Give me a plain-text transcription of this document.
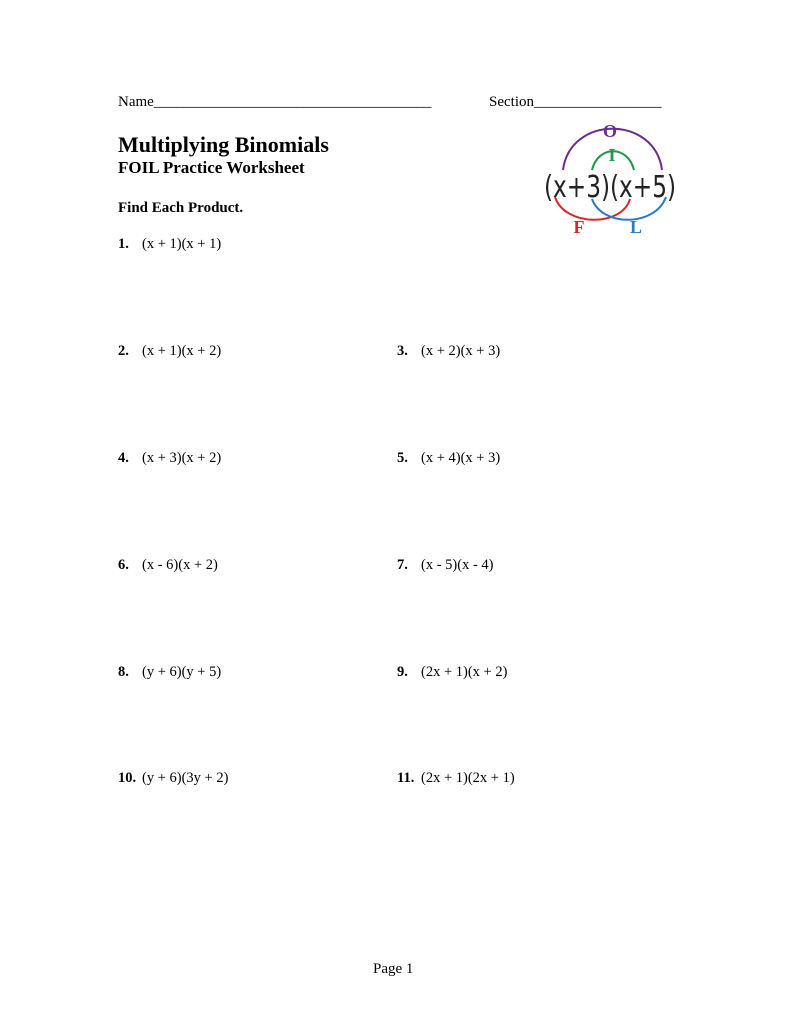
Name_____________________________________	Section_________________
Multiplying Binomials
FOIL Practice Worksheet
Find Each Product.
O
I
F	L
(x+3)(x+5)
1. (x + 1)(x + 1)
2. (x + 1)(x + 2)	3. (x + 2)(x + 3)
4. (x + 3)(x + 2)	5. (x + 4)(x + 3)
6. (x - 6)(x + 2)	7. (x - 5)(x - 4)
8. (y + 6)(y + 5)	9. (2x + 1)(x + 2)
10. (y + 6)(3y + 2)	11. (2x + 1)(2x + 1)
Page 1
